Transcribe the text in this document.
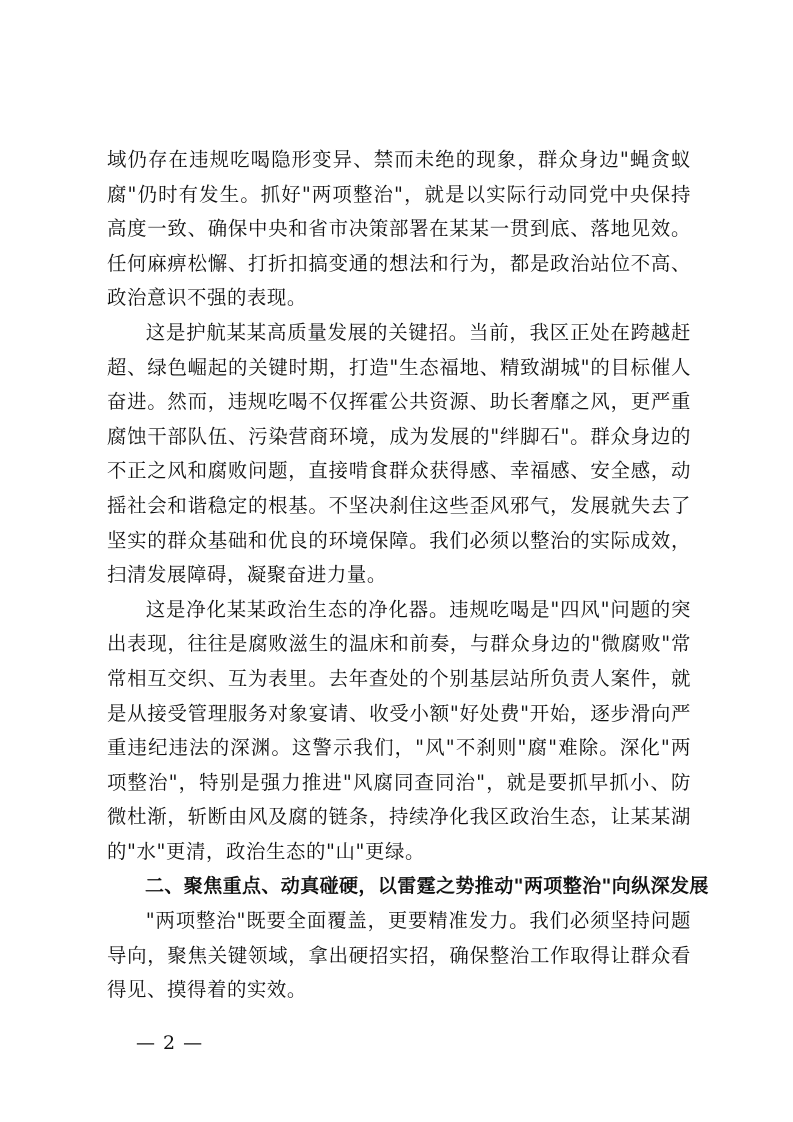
域仍存在违规吃喝隐形变异、禁而未绝的现象，群众身边"蝇贪蚁腐"仍时有发生。抓好"两项整治"，就是以实际行动同党中央保持高度一致、确保中央和省市决策部署在某某一贯到底、落地见效。任何麻痹松懈、打折扣搞变通的想法和行为，都是政治站位不高、政治意识不强的表现。

这是护航某某高质量发展的关键招。当前，我区正处在跨越赶超、绿色崛起的关键时期，打造"生态福地、精致湖城"的目标催人奋进。然而，违规吃喝不仅挥霍公共资源、助长奢靡之风，更严重腐蚀干部队伍、污染营商环境，成为发展的"绊脚石"。群众身边的不正之风和腐败问题，直接啃食群众获得感、幸福感、安全感，动摇社会和谐稳定的根基。不坚决刹住这些歪风邪气，发展就失去了坚实的群众基础和优良的环境保障。我们必须以整治的实际成效，扫清发展障碍，凝聚奋进力量。

这是净化某某政治生态的净化器。违规吃喝是"四风"问题的突出表现，往往是腐败滋生的温床和前奏，与群众身边的"微腐败"常常相互交织、互为表里。去年查处的个别基层站所负责人案件，就是从接受管理服务对象宴请、收受小额"好处费"开始，逐步滑向严重违纪违法的深渊。这警示我们，"风"不刹则"腐"难除。深化"两项整治"，特别是强力推进"风腐同查同治"，就是要抓早抓小、防微杜渐，斩断由风及腐的链条，持续净化我区政治生态，让某某湖的"水"更清，政治生态的"山"更绿。

二、聚焦重点、动真碰硬，以雷霆之势推动"两项整治"向纵深发展

"两项整治"既要全面覆盖，更要精准发力。我们必须坚持问题导向，聚焦关键领域，拿出硬招实招，确保整治工作取得让群众看得见、摸得着的实效。

— 2 —
